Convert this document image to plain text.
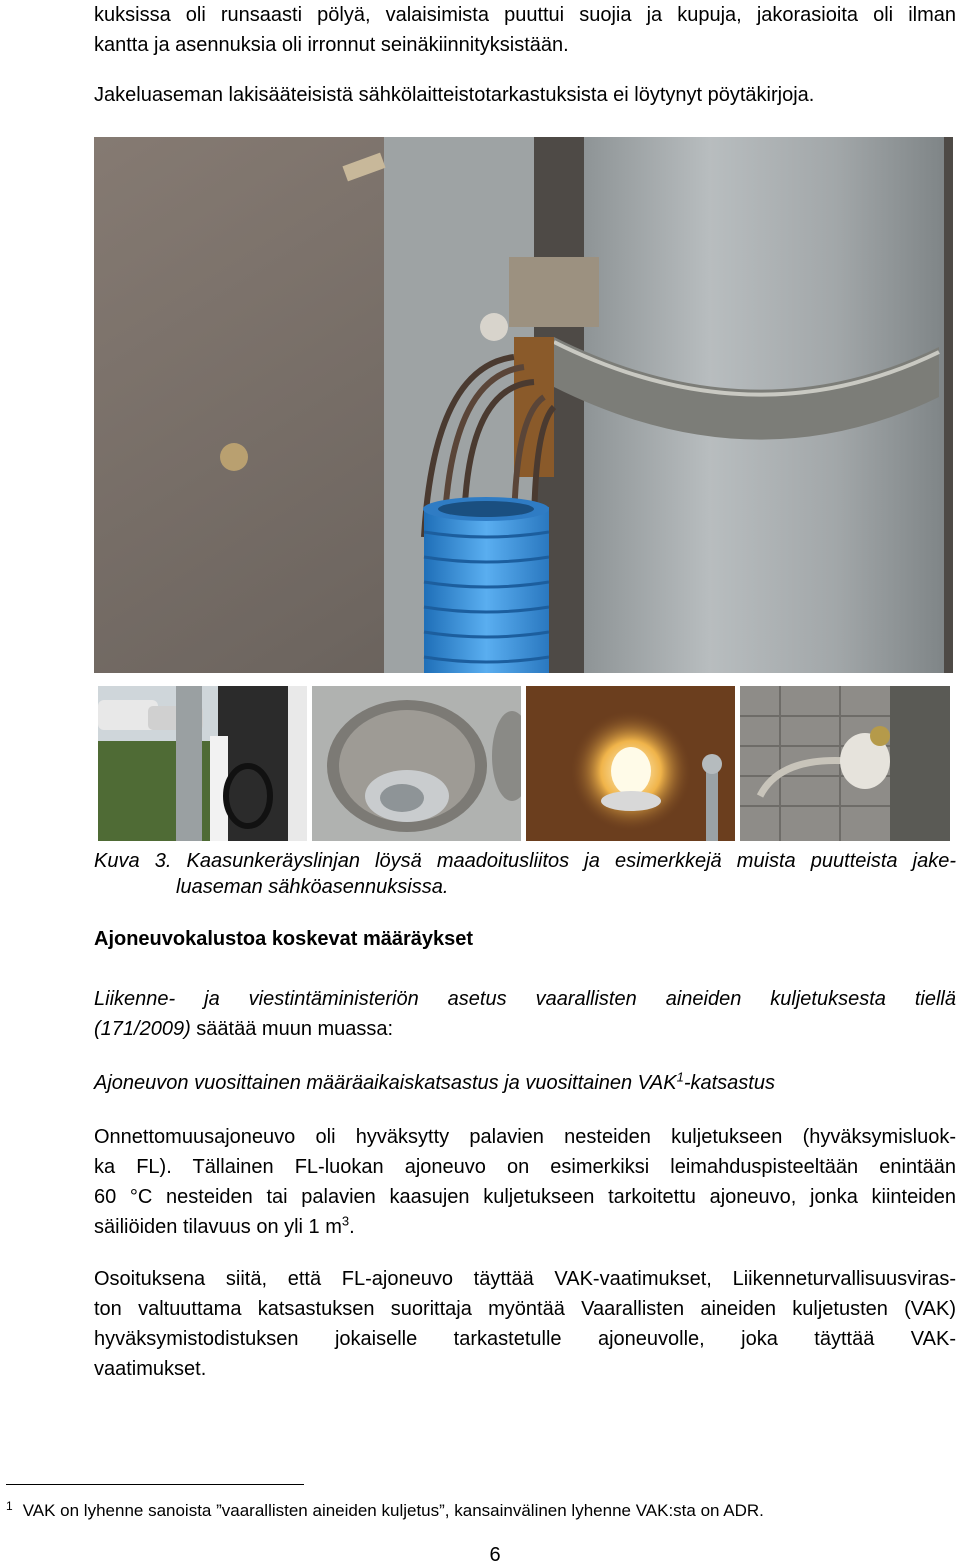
kuksissa oli runsaasti pölyä, valaisimista puuttui suojia ja kupuja, jakorasioita oli ilman
kantta ja asennuksia oli irronnut seinäkiinnityksistään.

Jakeluaseman lakisääteisistä sähkölaitteistotarkastuksista ei löytynyt pöytäkirjoja.

Kuva 3. Kaasunkeräyslinjan löysä maadoitusliitos ja esimerkkejä muista puutteista jake-
luaseman sähköasennuksissa.
Ajoneuvokalustoa koskevat määräykset

Liikenne- ja viestintäministeriön asetus vaarallisten aineiden kuljetuksesta tiellä
(171/2009) säätää muun muassa:

Ajoneuvon vuosittainen määräaikaiskatsastus ja vuosittainen VAK$^1$-katsastus

Onnettomuusajoneuvo oli hyväksytty palavien nesteiden kuljetukseen (hyväksymisluok-
ka FL). Tällainen FL-luokan ajoneuvo on esimerkiksi leimahduspisteeltään enintään
60 °C nesteiden tai palavien kaasujen kuljetukseen tarkoitettu ajoneuvo, jonka kiinteiden
säiliöiden tilavuus on yli 1 $m^3$.

Osoituksena siitä, että FL-ajoneuvo täyttää VAK-vaatimukset, Liikenneturvallisuusviras-
ton valtuuttama katsastuksen suorittaja myöntää Vaarallisten aineiden kuljetusten (VAK)
hyväksymistodistuksen jokaiselle tarkastetulle ajoneuvolle, joka täyttää VAK-
vaatimukset.

$^1$ VAK on lyhenne sanoista ”vaarallisten aineiden kuljetus”, kansainvälinen lyhenne VAK:sta on ADR.
6
